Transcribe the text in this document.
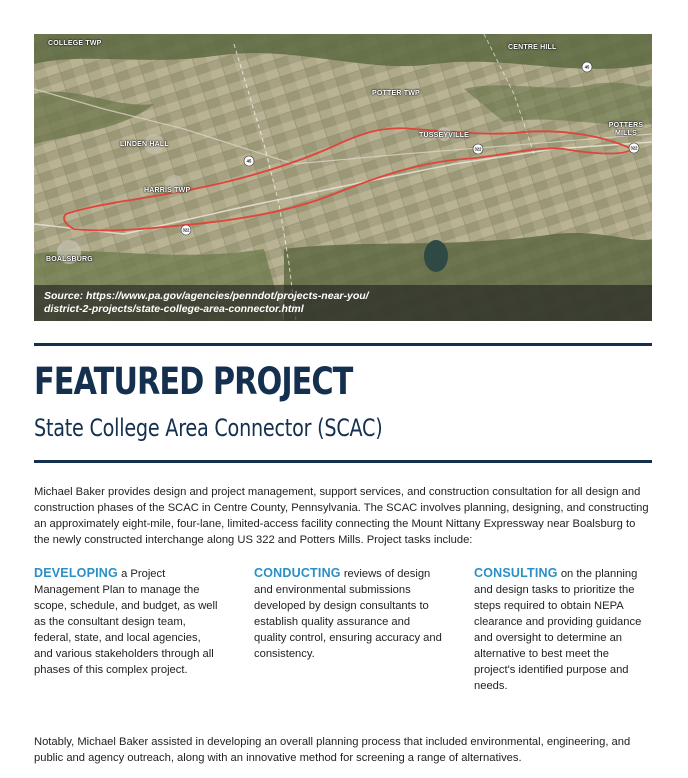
45
322
322
322
45
COLLEGE TWP
CENTRE HILL
POTTER TWP
TUSSEYVILLE
POTTERS MILLS
LINDEN HALL
HARRIS TWP
BOALSBURG
Source: https://www.pa.gov/agencies/penndot/projects-near-you/
district-2-projects/state-college-area-connector.html
FEATURED PROJECT
State College Area Connector (SCAC)

Michael Baker provides design and project management, support services, and construction consultation for all design and construction phases of the SCAC in Centre County, Pennsylvania. The SCAC involves planning, designing, and constructing an approximately eight-mile, four-lane, limited-access facility connecting the Mount Nittany Expressway near Boalsburg to the newly constructed interchange along US 322 and Potters Mills. Project tasks include:

DEVELOPING a Project Management Plan to manage the scope, schedule, and budget, as well as the consultant design team, federal, state, and local agencies, and various stakeholders through all phases of this complex project.

CONDUCTING reviews of design and environmental submissions developed by design consultants to establish quality assurance and quality control, ensuring accuracy and consistency.

CONSULTING on the planning and design tasks to prioritize the steps required to obtain NEPA clearance and providing guidance and oversight to determine an alternative to best meet the project's identified purpose and needs.

Notably, Michael Baker assisted in developing an overall planning process that included environmental, engineering, and public and agency outreach, along with an innovative method for screening a range of alternatives.
